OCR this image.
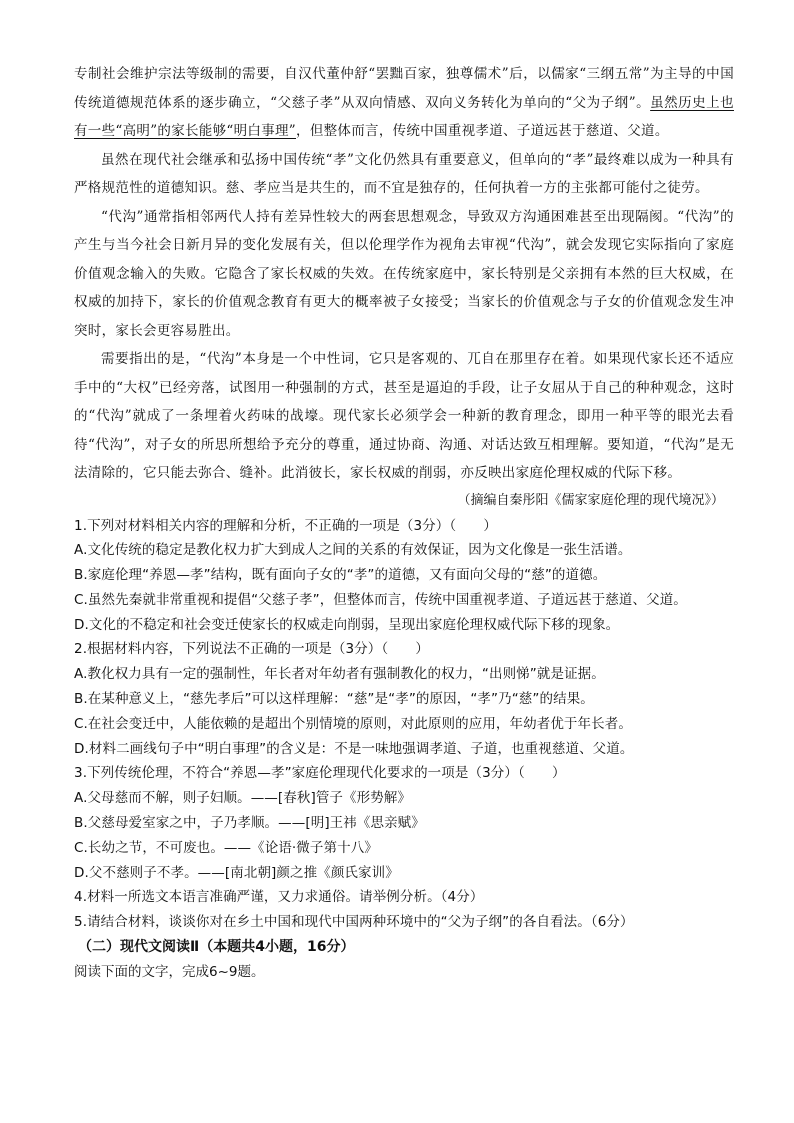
专制社会维护宗法等级制的需要，自汉代董仲舒“罢黜百家，独尊儒术”后，以儒家“三纲五常”为主导的中国传统道德规范体系的逐步确立，“父慈子孝”从双向情感、双向义务转化为单向的“父为子纲”。虽然历史上也有一些“高明”的家长能够“明白事理”，但整体而言，传统中国重视孝道、子道远甚于慈道、父道。

虽然在现代社会继承和弘扬中国传统“孝”文化仍然具有重要意义，但单向的“孝”最终难以成为一种具有严格规范性的道德知识。慈、孝应当是共生的，而不宜是独存的，任何执着一方的主张都可能付之徒劳。

“代沟”通常指相邻两代人持有差异性较大的两套思想观念，导致双方沟通困难甚至出现隔阂。“代沟”的产生与当今社会日新月异的变化发展有关，但以伦理学作为视角去审视“代沟”，就会发现它实际指向了家庭价值观念输入的失败。它隐含了家长权威的失效。在传统家庭中，家长特别是父亲拥有本然的巨大权威，在权威的加持下，家长的价值观念教育有更大的概率被子女接受；当家长的价值观念与子女的价值观念发生冲突时，家长会更容易胜出。

需要指出的是，“代沟”本身是一个中性词，它只是客观的、兀自在那里存在着。如果现代家长还不适应手中的“大权”已经旁落，试图用一种强制的方式，甚至是逼迫的手段，让子女屈从于自己的种种观念，这时的“代沟”就成了一条埋着火药味的战壕。现代家长必须学会一种新的教育理念，即用一种平等的眼光去看待“代沟”，对子女的所思所想给予充分的尊重，通过协商、沟通、对话达致互相理解。要知道，“代沟”是无法清除的，它只能去弥合、缝补。此消彼长，家长权威的削弱，亦反映出家庭伦理权威的代际下移。

（摘编自秦彤阳《儒家家庭伦理的现代境况》）

1.下列对材料相关内容的理解和分析，不正确的一项是（3分）（　　）

A.文化传统的稳定是教化权力扩大到成人之间的关系的有效保证，因为文化像是一张生活谱。

B.家庭伦理“养恩—孝”结构，既有面向子女的“孝”的道德，又有面向父母的“慈”的道德。

C.虽然先秦就非常重视和提倡“父慈子孝”，但整体而言，传统中国重视孝道、子道远甚于慈道、父道。

D.文化的不稳定和社会变迁使家长的权威走向削弱，呈现出家庭伦理权威代际下移的现象。

2.根据材料内容，下列说法不正确的一项是（3分）（　　）

A.教化权力具有一定的强制性，年长者对年幼者有强制教化的权力，“出则悌”就是证据。

B.在某种意义上，“慈先孝后”可以这样理解：“慈”是“孝”的原因，“孝”乃“慈”的结果。

C.在社会变迁中，人能依赖的是超出个别情境的原则，对此原则的应用，年幼者优于年长者。

D.材料二画线句子中“明白事理”的含义是：不是一味地强调孝道、子道，也重视慈道、父道。

3.下列传统伦理，不符合“养恩—孝”家庭伦理现代化要求的一项是（3分）（　　）

A.父母慈而不解，则子妇顺。——[春秋]管子《形势解》

B.父慈母爱室家之中，子乃孝顺。——[明]王祎《思亲赋》

C.长幼之节，不可废也。——《论语·微子第十八》

D.父不慈则子不孝。——[南北朝]颜之推《颜氏家训》

4.材料一所选文本语言准确严谨，又力求通俗。请举例分析。（4分）

5.请结合材料，谈谈你对在乡土中国和现代中国两种环境中的“父为子纲”的各自看法。（6分）

（二）现代文阅读Ⅱ（本题共4小题，16分）

阅读下面的文字，完成6~9题。
